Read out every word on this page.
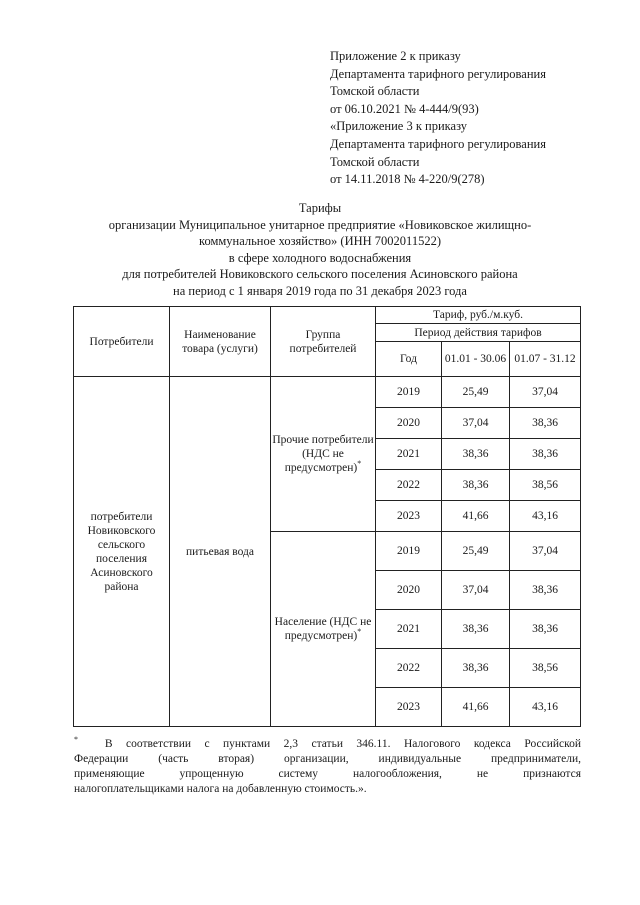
Приложение 2 к приказу
Департамента тарифного регулирования
Томской области
от 06.10.2021 № 4-444/9(93)
«Приложение 3 к приказу
Департамента тарифного регулирования
Томской области
от 14.11.2018 № 4-220/9(278)
Тарифы
организации Муниципальное унитарное предприятие «Новиковское жилищно-
коммунальное хозяйство» (ИНН 7002011522)
в сфере холодного водоснабжения
для потребителей Новиковского сельского поселения Асиновского района
на период с 1 января 2019 года по 31 декабря 2023 года
Потребители	Наименование товара (услуги)	Группа потребителей	Тариф, руб./м.куб.		
			Период действия тарифов		
			Год	01.01 - 30.06	01.07 - 31.12
потребители Новиковского сельского поселения Асиновского района	питьевая вода	Прочие потребители (НДС не предусмотрен)*	2019	25,49	37,04
			2020	37,04	38,36
			2021	38,36	38,36
			2022	38,36	38,56
			2023	41,66	43,16
		Население (НДС не предусмотрен)*	2019	25,49	37,04
			2020	37,04	38,36
			2021	38,36	38,36
			2022	38,36	38,56
			2023	41,66	43,16
* В соответствии с пунктами 2,3 статьи 346.11. Налогового кодекса Российской
Федерации (часть вторая) организации, индивидуальные предприниматели,
применяющие упрощенную систему налогообложения, не признаются
налогоплательщиками налога на добавленную стоимость.».
